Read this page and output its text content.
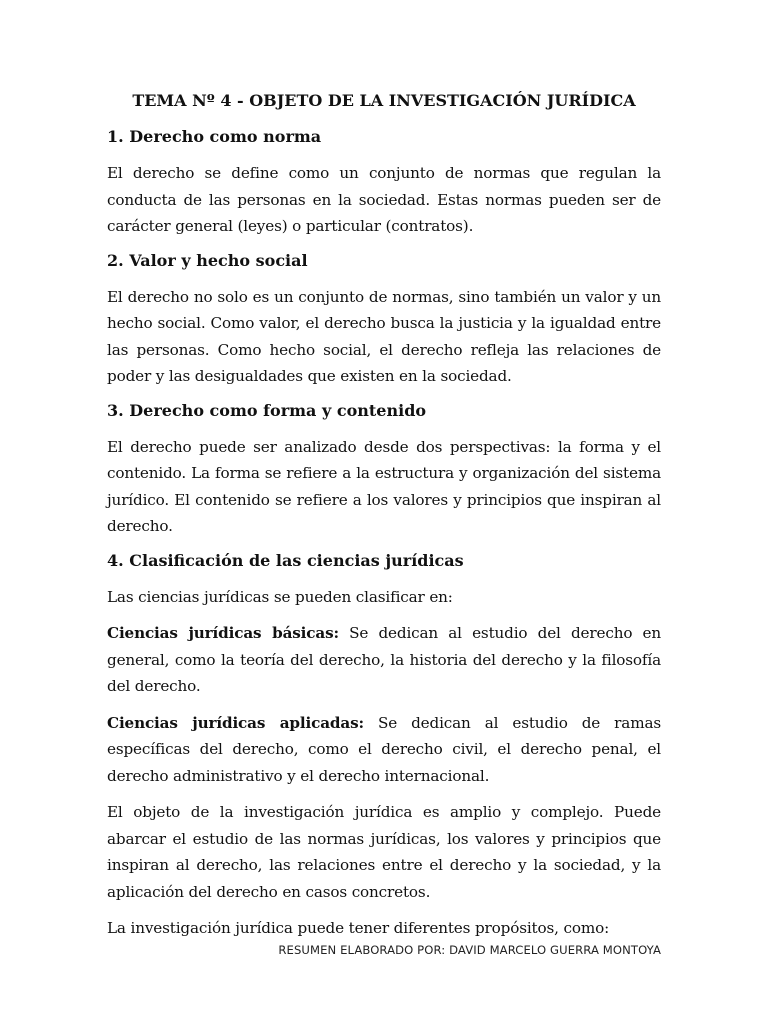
TEMA Nº 4 - OBJETO DE LA INVESTIGACIÓN JURÍDICA
1. Derecho como norma

El derecho se define como un conjunto de normas que regulan la conducta de las personas en la sociedad. Estas normas pueden ser de carácter general (leyes) o particular (contratos).

2. Valor y hecho social

El derecho no solo es un conjunto de normas, sino también un valor y un hecho social. Como valor, el derecho busca la justicia y la igualdad entre las personas. Como hecho social, el derecho refleja las relaciones de poder y las desigualdades que existen en la sociedad.

3. Derecho como forma y contenido

El derecho puede ser analizado desde dos perspectivas: la forma y el contenido. La forma se refiere a la estructura y organización del sistema jurídico. El contenido se refiere a los valores y principios que inspiran al derecho.

4. Clasificación de las ciencias jurídicas

Las ciencias jurídicas se pueden clasificar en:

Ciencias jurídicas básicas: Se dedican al estudio del derecho en general, como la teoría del derecho, la historia del derecho y la filosofía del derecho.

Ciencias jurídicas aplicadas: Se dedican al estudio de ramas específicas del derecho, como el derecho civil, el derecho penal, el derecho administrativo y el derecho internacional.

El objeto de la investigación jurídica es amplio y complejo. Puede abarcar el estudio de las normas jurídicas, los valores y principios que inspiran al derecho, las relaciones entre el derecho y la sociedad, y la aplicación del derecho en casos concretos.

La investigación jurídica puede tener diferentes propósitos, como:

RESUMEN ELABORADO POR: DAVID MARCELO GUERRA MONTOYA
